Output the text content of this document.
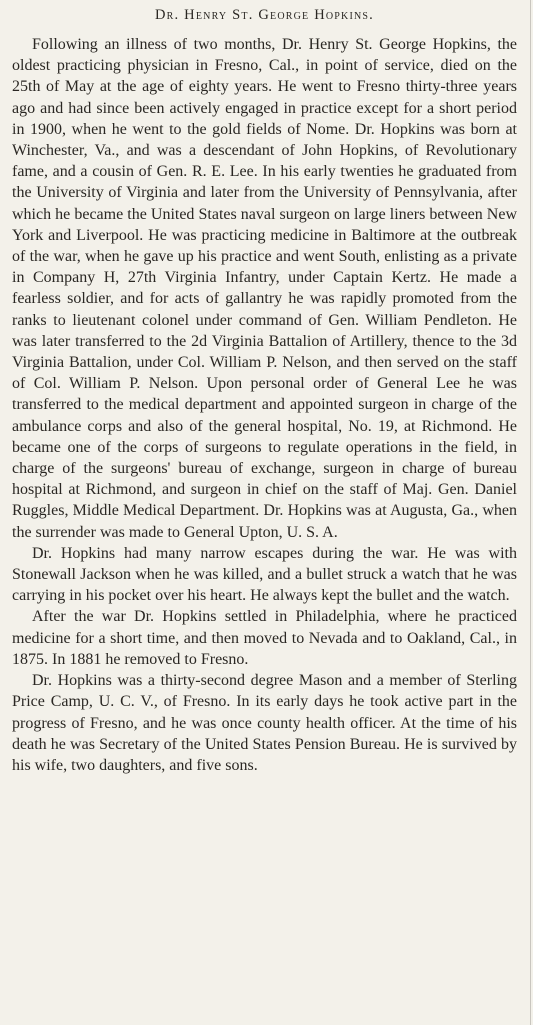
Dr. Henry St. George Hopkins.

Following an illness of two months, Dr. Henry St. George Hopkins, the oldest practicing physician in Fresno, Cal., in point of service, died on the 25th of May at the age of eighty years. He went to Fresno thirty-three years ago and had since been actively engaged in practice except for a short period in 1900, when he went to the gold fields of Nome. Dr. Hopkins was born at Winchester, Va., and was a descendant of John Hopkins, of Revolutionary fame, and a cousin of Gen. R. E. Lee. In his early twenties he graduated from the University of Virginia and later from the University of Pennsylvania, after which he became the United States naval surgeon on large liners between New York and Liverpool. He was practicing medicine in Baltimore at the outbreak of the war, when he gave up his practice and went South, enlisting as a private in Company H, 27th Virginia Infantry, under Captain Kertz. He made a fearless soldier, and for acts of gallantry he was rapidly promoted from the ranks to lieutenant colonel under command of Gen. William Pendleton. He was later transferred to the 2d Virginia Battalion of Artillery, thence to the 3d Virginia Battalion, under Col. William P. Nelson, and then served on the staff of Col. William P. Nelson. Upon personal order of General Lee he was transferred to the medical department and appointed surgeon in charge of the ambulance corps and also of the general hospital, No. 19, at Richmond. He became one of the corps of surgeons to regulate operations in the field, in charge of the surgeons' bureau of exchange, surgeon in charge of bureau hospital at Richmond, and surgeon in chief on the staff of Maj. Gen. Daniel Ruggles, Middle Medical Department. Dr. Hopkins was at Augusta, Ga., when the surrender was made to General Upton, U. S. A.

Dr. Hopkins had many narrow escapes during the war. He was with Stonewall Jackson when he was killed, and a bullet struck a watch that he was carrying in his pocket over his heart. He always kept the bullet and the watch.

After the war Dr. Hopkins settled in Philadelphia, where he practiced medicine for a short time, and then moved to Nevada and to Oakland, Cal., in 1875. In 1881 he removed to Fresno.

Dr. Hopkins was a thirty-second degree Mason and a member of Sterling Price Camp, U. C. V., of Fresno. In its early days he took active part in the progress of Fresno, and he was once county health officer. At the time of his death he was Secretary of the United States Pension Bureau. He is survived by his wife, two daughters, and five sons.
